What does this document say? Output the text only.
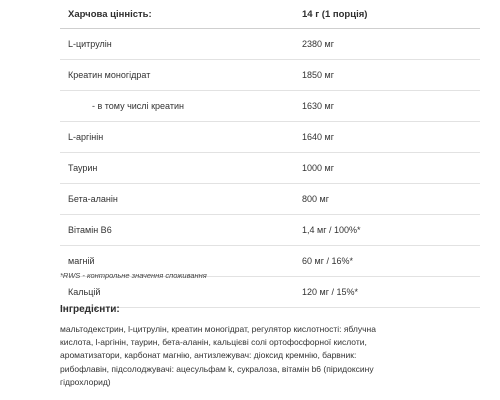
Харчова цінність:	14 г (1 порція)
L-цитрулін	2380 мг
Креатин моногідрат	1850 мг
- в тому числі креатин	1630 мг
L-аргінін	1640 мг
Таурин	1000 мг
Бета-аланін	800 мг
Вітамін В6	1,4 мг / 100%*
магній	60 мг / 16%*
Кальцій	120 мг / 15%*
*RWS - контрольне значення споживання
Інгредієнти:
мальтодекстрин, l-цитрулін, креатин моногідрат, регулятор кислотності: яблучна
кислота, l-аргінін, таурин, бета-аланін, кальцієві солі ортофосфорної кислоти,
ароматизатори, карбонат магнію, антизлежувач: діоксид кремнію, барвник:
рибофлавін, підсолоджувачі: ацесульфам k, сукралоза, вітамін b6 (піридоксину
гідрохлорид)
